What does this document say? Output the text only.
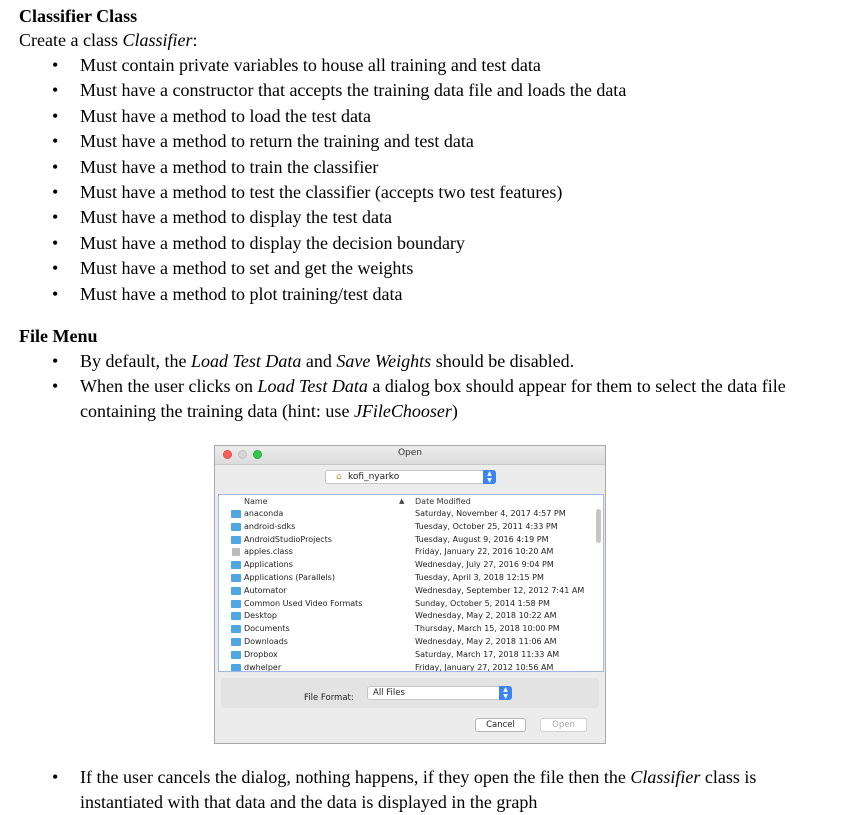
Classifier Class

Create a class Classifier:

• Must contain private variables to house all training and test data
• Must have a constructor that accepts the training data file and loads the data
• Must have a method to load the test data
• Must have a method to return the training and test data
• Must have a method to train the classifier
• Must have a method to test the classifier (accepts two test features)
• Must have a method to display the test data
• Must have a method to display the decision boundary
• Must have a method to set and get the weights
• Must have a method to plot training/test data
File Menu
• By default, the Load Test Data and Save Weights should be disabled.
• When the user clicks on Load Test Data a dialog box should appear for them to select the data file containing the training data (hint: use JFileChooser)
Open
⌂ kofi_nyarko	▲
▼
Name	▲ Date Modified
anaconda	Saturday, November 4, 2017 4:57 PM
android-sdks	Tuesday, October 25, 2011 4:33 PM
AndroidStudioProjects	Tuesday, August 9, 2016 4:19 PM
apples.class	Friday, January 22, 2016 10:20 AM
Applications	Wednesday, July 27, 2016 9:04 PM
Applications (Parallels)	Tuesday, April 3, 2018 12:15 PM
Automator	Wednesday, September 12, 2012 7:41 AM
Common Used Video Formats	Sunday, October 5, 2014 1:58 PM
Desktop	Wednesday, May 2, 2018 10:22 AM
Documents	Thursday, March 15, 2018 10:00 PM
Downloads	Wednesday, May 2, 2018 11:06 AM
Dropbox	Saturday, March 17, 2018 11:33 AM
dwhelper	Friday, January 27, 2012 10:56 AM
File Format:	All Files	▲
▼
Cancel	Open
• If the user cancels the dialog, nothing happens, if they open the file then the Classifier class is instantiated with that data and the data is displayed in the graph
